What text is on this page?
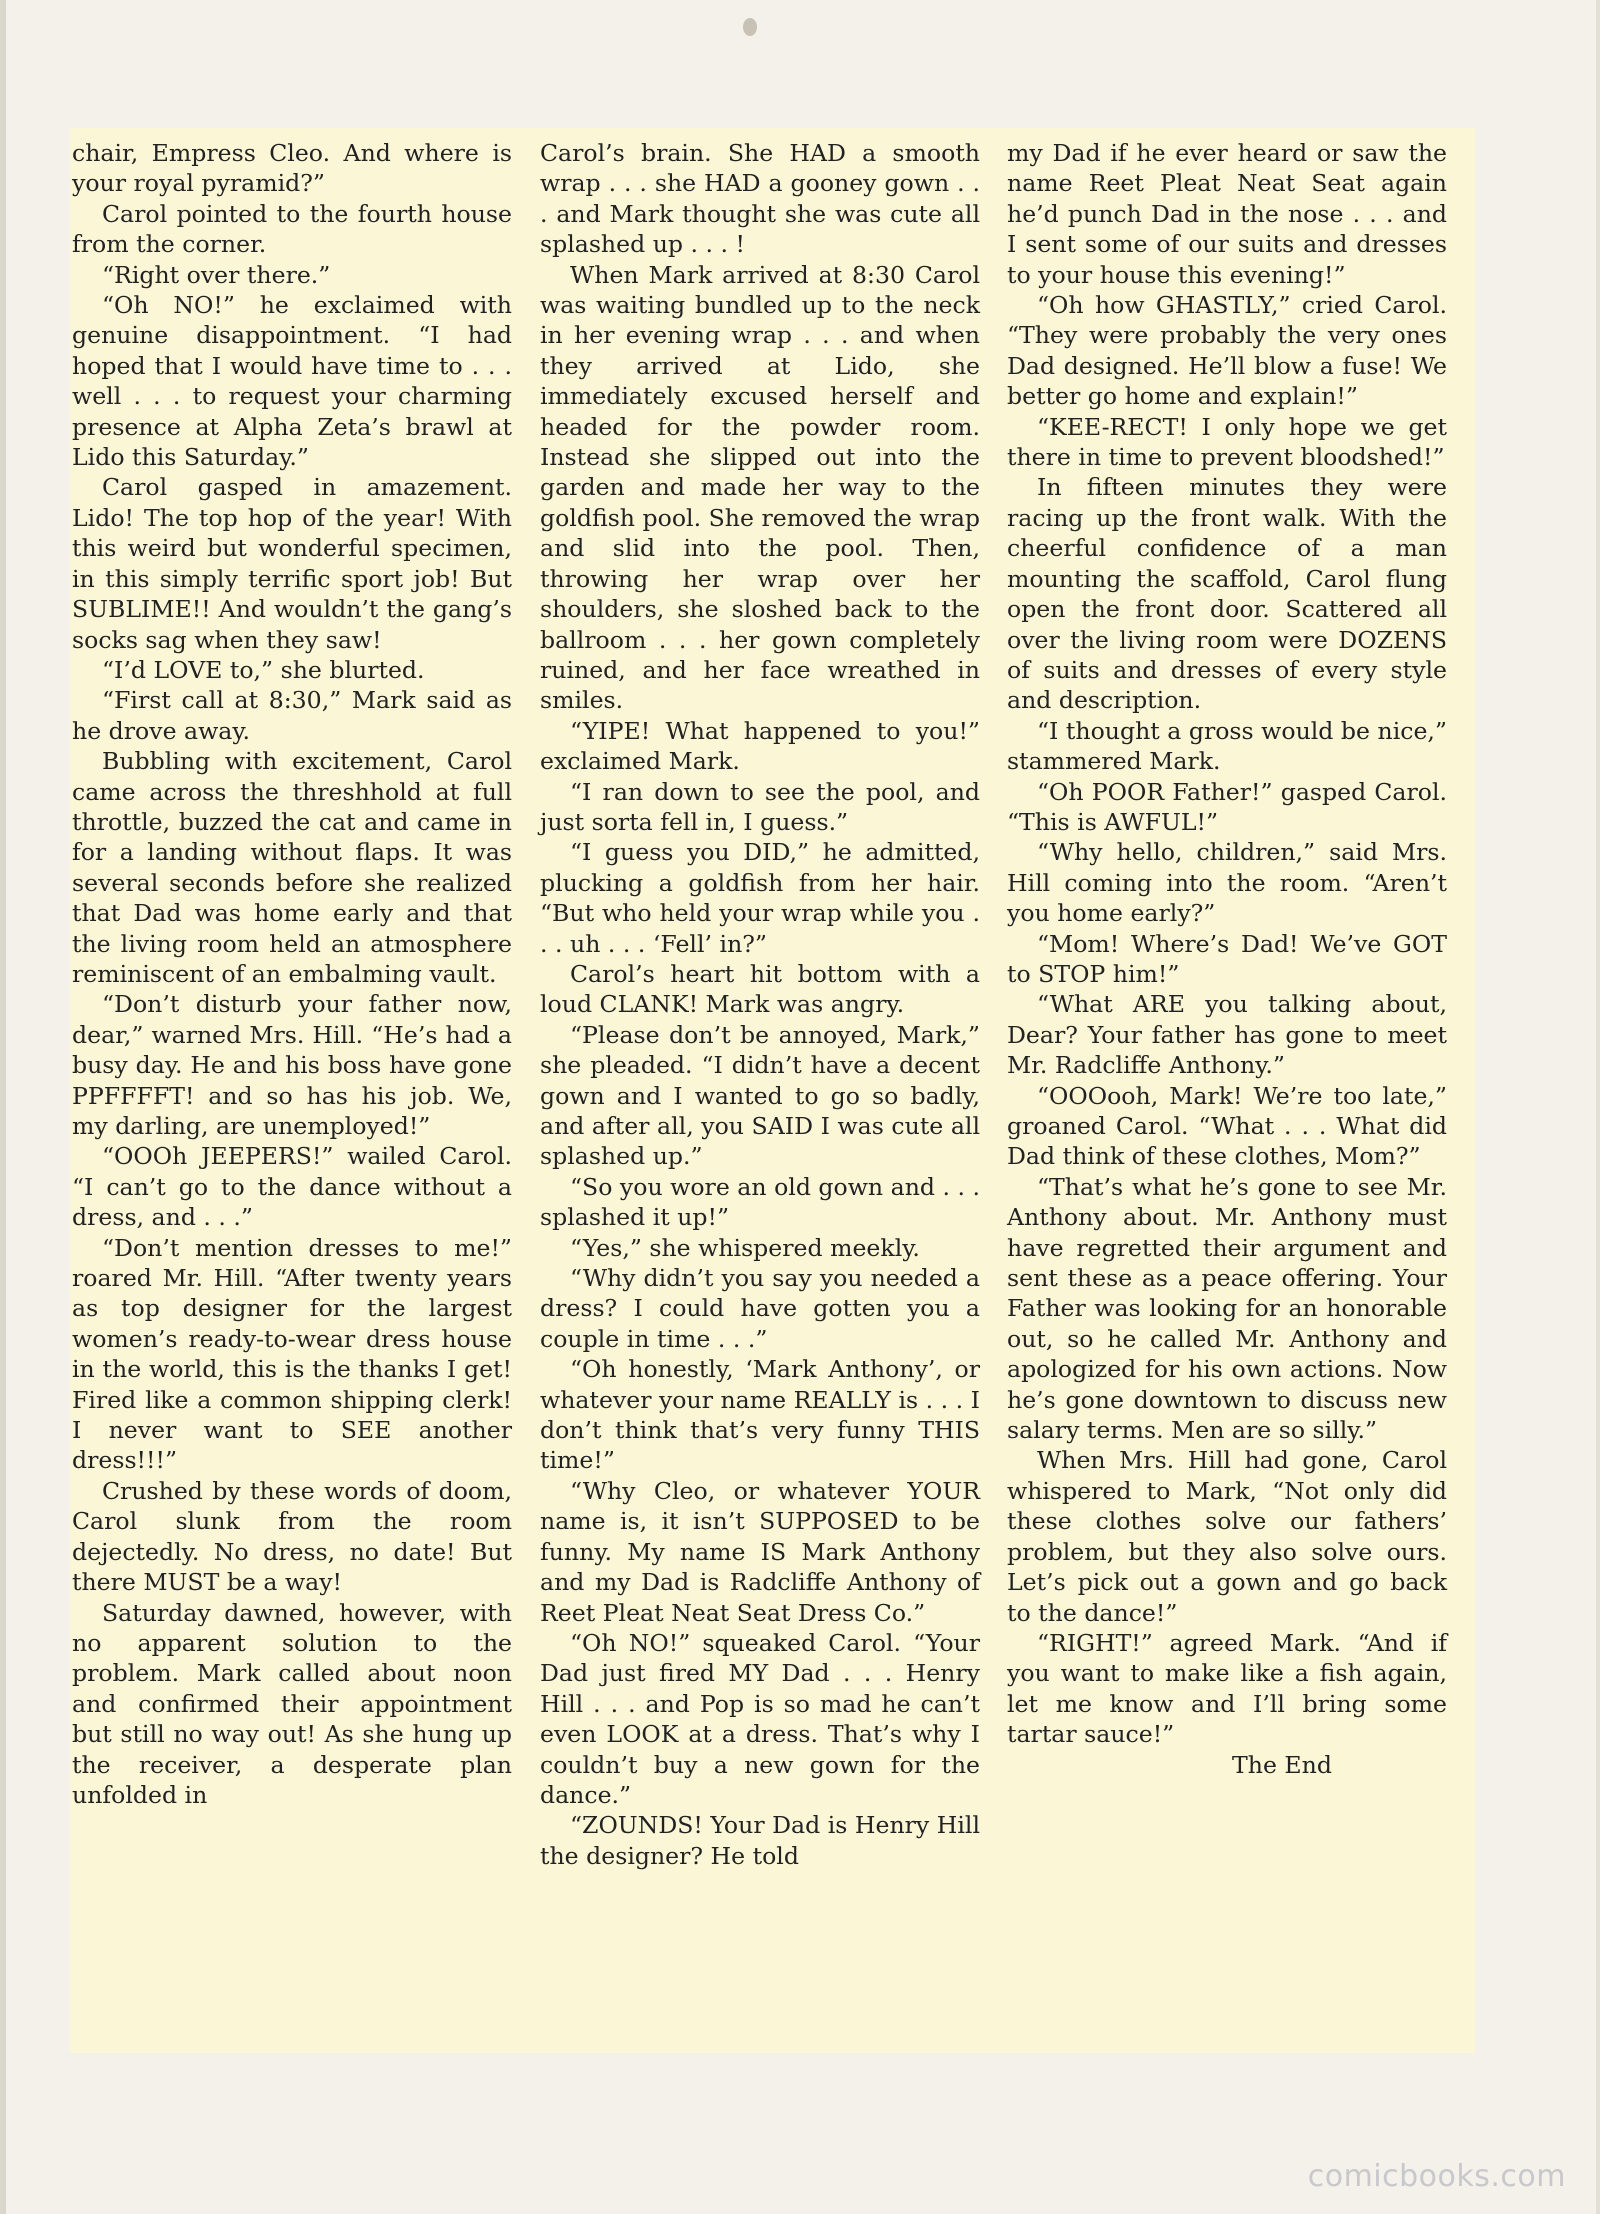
chair, Empress Cleo. And where is your royal pyramid?”

Carol pointed to the fourth house from the corner.

“Right over there.”

“Oh NO!” he exclaimed with genuine disappointment. “I had hoped that I would have time to . . . well . . . to request your charming presence at Alpha Zeta’s brawl at Lido this Saturday.”

Carol gasped in amazement. Lido! The top hop of the year! With this weird but wonderful specimen, in this simply terrific sport job! But SUBLIME!! And wouldn’t the gang’s socks sag when they saw!

“I’d LOVE to,” she blurted.

“First call at 8:30,” Mark said as he drove away.

Bubbling with excitement, Carol came across the threshhold at full throttle, buzzed the cat and came in for a landing without flaps. It was several seconds before she realized that Dad was home early and that the living room held an atmosphere reminiscent of an embalming vault.

“Don’t disturb your father now, dear,” warned Mrs. Hill. “He’s had a busy day. He and his boss have gone PPFFFFT! and so has his job. We, my darling, are unemployed!”

“OOOh JEEPERS!” wailed Carol. “I can’t go to the dance without a dress, and . . .”

“Don’t mention dresses to me!” roared Mr. Hill. “After twenty years as top designer for the largest women’s ready-to-wear dress house in the world, this is the thanks I get! Fired like a common shipping clerk! I never want to SEE another dress!!!”

Crushed by these words of doom, Carol slunk from the room dejectedly. No dress, no date! But there MUST be a way!

Saturday dawned, however, with no apparent solution to the problem. Mark called about noon and confirmed their appointment but still no way out! As she hung up the receiver, a desperate plan unfolded in

Carol’s brain. She HAD a smooth wrap . . . she HAD a gooney gown . . . and Mark thought she was cute all splashed up . . . !

When Mark arrived at 8:30 Carol was waiting bundled up to the neck in her evening wrap . . . and when they arrived at Lido, she immediately excused herself and headed for the powder room. Instead she slipped out into the garden and made her way to the goldfish pool. She removed the wrap and slid into the pool. Then, throwing her wrap over her shoulders, she sloshed back to the ballroom . . . her gown completely ruined, and her face wreathed in smiles.

“YIPE! What happened to you!” exclaimed Mark.

“I ran down to see the pool, and just sorta fell in, I guess.”

“I guess you DID,” he admitted, plucking a goldfish from her hair. “But who held your wrap while you . . . uh . . . ‘Fell’ in?”

Carol’s heart hit bottom with a loud CLANK! Mark was angry.

“Please don’t be annoyed, Mark,” she pleaded. “I didn’t have a decent gown and I wanted to go so badly, and after all, you SAID I was cute all splashed up.”

“So you wore an old gown and . . . splashed it up!”

“Yes,” she whispered meekly.

“Why didn’t you say you needed a dress? I could have gotten you a couple in time . . .”

“Oh honestly, ‘Mark Anthony’, or whatever your name REALLY is . . . I don’t think that’s very funny THIS time!”

“Why Cleo, or whatever YOUR name is, it isn’t SUPPOSED to be funny. My name IS Mark Anthony and my Dad is Radcliffe Anthony of Reet Pleat Neat Seat Dress Co.”

“Oh NO!” squeaked Carol. “Your Dad just fired MY Dad . . . Henry Hill . . . and Pop is so mad he can’t even LOOK at a dress. That’s why I couldn’t buy a new gown for the dance.”

“ZOUNDS! Your Dad is Henry Hill the designer? He told

my Dad if he ever heard or saw the name Reet Pleat Neat Seat again he’d punch Dad in the nose . . . and I sent some of our suits and dresses to your house this evening!”

“Oh how GHASTLY,” cried Carol. “They were probably the very ones Dad designed. He’ll blow a fuse! We better go home and explain!”

“KEE-RECT! I only hope we get there in time to prevent bloodshed!”

In fifteen minutes they were racing up the front walk. With the cheerful confidence of a man mounting the scaffold, Carol flung open the front door. Scattered all over the living room were DOZENS of suits and dresses of every style and description.

“I thought a gross would be nice,” stammered Mark.

“Oh POOR Father!” gasped Carol. “This is AWFUL!”

“Why hello, children,” said Mrs. Hill coming into the room. “Aren’t you home early?”

“Mom! Where’s Dad! We’ve GOT to STOP him!”

“What ARE you talking about, Dear? Your father has gone to meet Mr. Radcliffe Anthony.”

“OOOooh, Mark! We’re too late,” groaned Carol. “What . . . What did Dad think of these clothes, Mom?”

“That’s what he’s gone to see Mr. Anthony about. Mr. Anthony must have regretted their argument and sent these as a peace offering. Your Father was looking for an honorable out, so he called Mr. Anthony and apologized for his own actions. Now he’s gone downtown to discuss new salary terms. Men are so silly.”

When Mrs. Hill had gone, Carol whispered to Mark, “Not only did these clothes solve our fathers’ problem, but they also solve ours. Let’s pick out a gown and go back to the dance!”

“RIGHT!” agreed Mark. “And if you want to make like a fish again, let me know and I’ll bring some tartar sauce!”

The End

comicbooks.com
